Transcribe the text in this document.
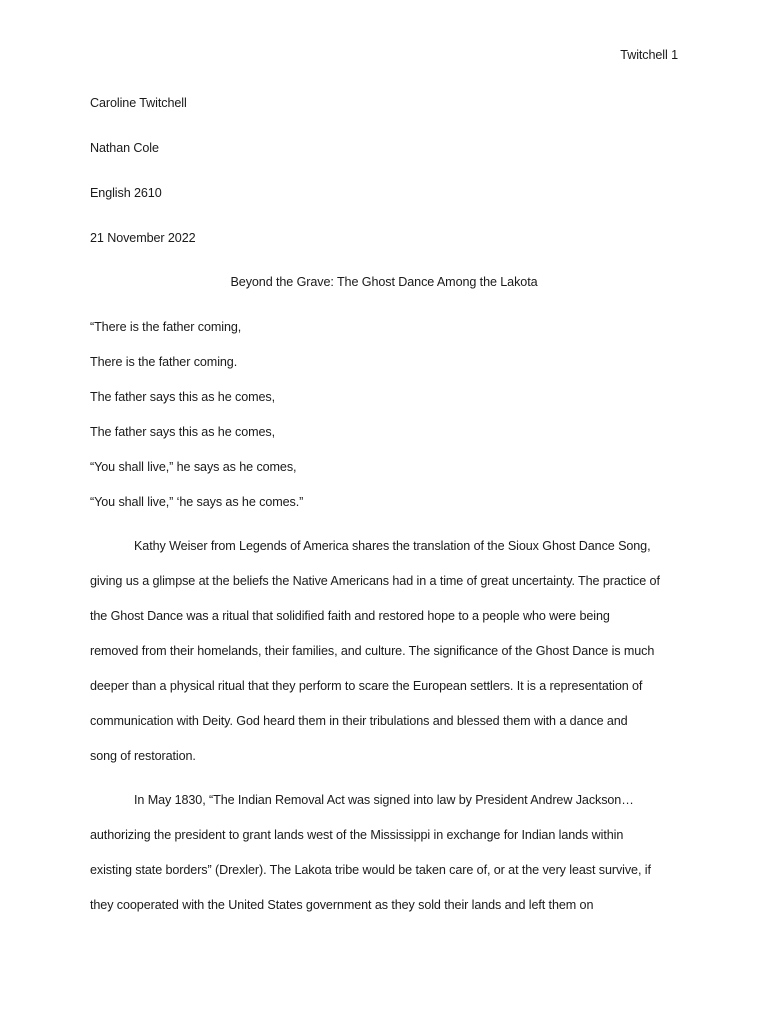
Twitchell 1
Caroline Twitchell
Nathan Cole
English 2610
21 November 2022
Beyond the Grave: The Ghost Dance Among the Lakota
“There is the father coming,
There is the father coming.
The father says this as he comes,
The father says this as he comes,
“You shall live,” he says as he comes,
“You shall live,” ‘he says as he comes.”
Kathy Weiser from Legends of America shares the translation of the Sioux Ghost Dance Song,
giving us a glimpse at the beliefs the Native Americans had in a time of great uncertainty. The practice of
the Ghost Dance was a ritual that solidified faith and restored hope to a people who were being
removed from their homelands, their families, and culture. The significance of the Ghost Dance is much
deeper than a physical ritual that they perform to scare the European settlers. It is a representation of
communication with Deity. God heard them in their tribulations and blessed them with a dance and
song of restoration.
In May 1830, “The Indian Removal Act was signed into law by President Andrew Jackson…
authorizing the president to grant lands west of the Mississippi in exchange for Indian lands within
existing state borders” (Drexler). The Lakota tribe would be taken care of, or at the very least survive, if
they cooperated with the United States government as they sold their lands and left them on
